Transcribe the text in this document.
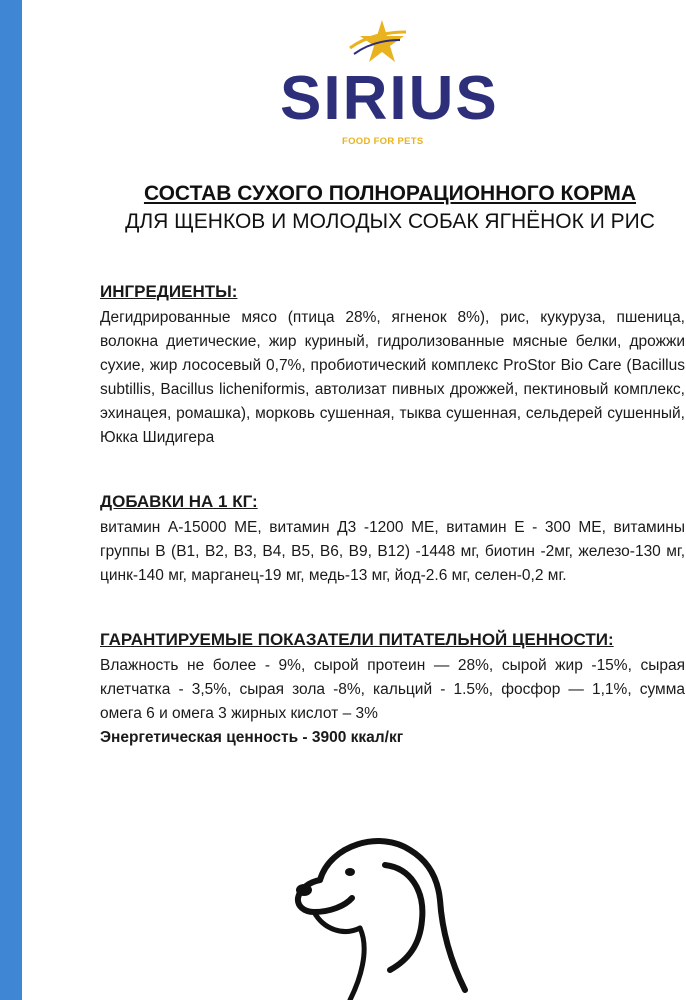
SIRIUS
FOOD FOR PETS
СОСТАВ СУХОГО ПОЛНОРАЦИОННОГО КОРМА
ДЛЯ ЩЕНКОВ И МОЛОДЫХ СОБАК ЯГНЁНОК И РИС
ИНГРЕДИЕНТЫ:
Дегидрированные мясо (птица 28%, ягненок 8%), рис, кукуруза, пшеница, волокна диетические, жир куриный, гидролизованные мясные белки, дрожжи сухие, жир лососевый 0,7%, пробиотический комплекс ProStor Bio Care (Bacillus subtillis, Bacillus licheniformis, автолизат пивных дрожжей, пектиновый комплекс, эхинацея, ромашка), морковь сушенная, тыква сушенная, сельдерей сушенный, Юкка Шидигера
ДОБАВКИ НА 1 КГ:
витамин А-15000 МЕ, витамин Д3 -1200 МЕ, витамин Е - 300 МЕ, витамины группы В (В1, В2, В3, В4, В5, В6, В9, В12) -1448 мг, биотин -2мг, железо-130 мг, цинк-140 мг, марганец-19 мг, медь-13 мг, йод-2.6 мг, селен-0,2 мг.
ГАРАНТИРУЕМЫЕ ПОКАЗАТЕЛИ ПИТАТЕЛЬНОЙ ЦЕННОСТИ:
Влажность не более - 9%, сырой протеин — 28%, сырой жир -15%, сырая клетчатка - 3,5%, сырая зола -8%, кальций - 1.5%, фосфор — 1,1%, сумма омега 6 и омега 3 жирных кислот – 3%
Энергетическая ценность - 3900 ккал/кг
